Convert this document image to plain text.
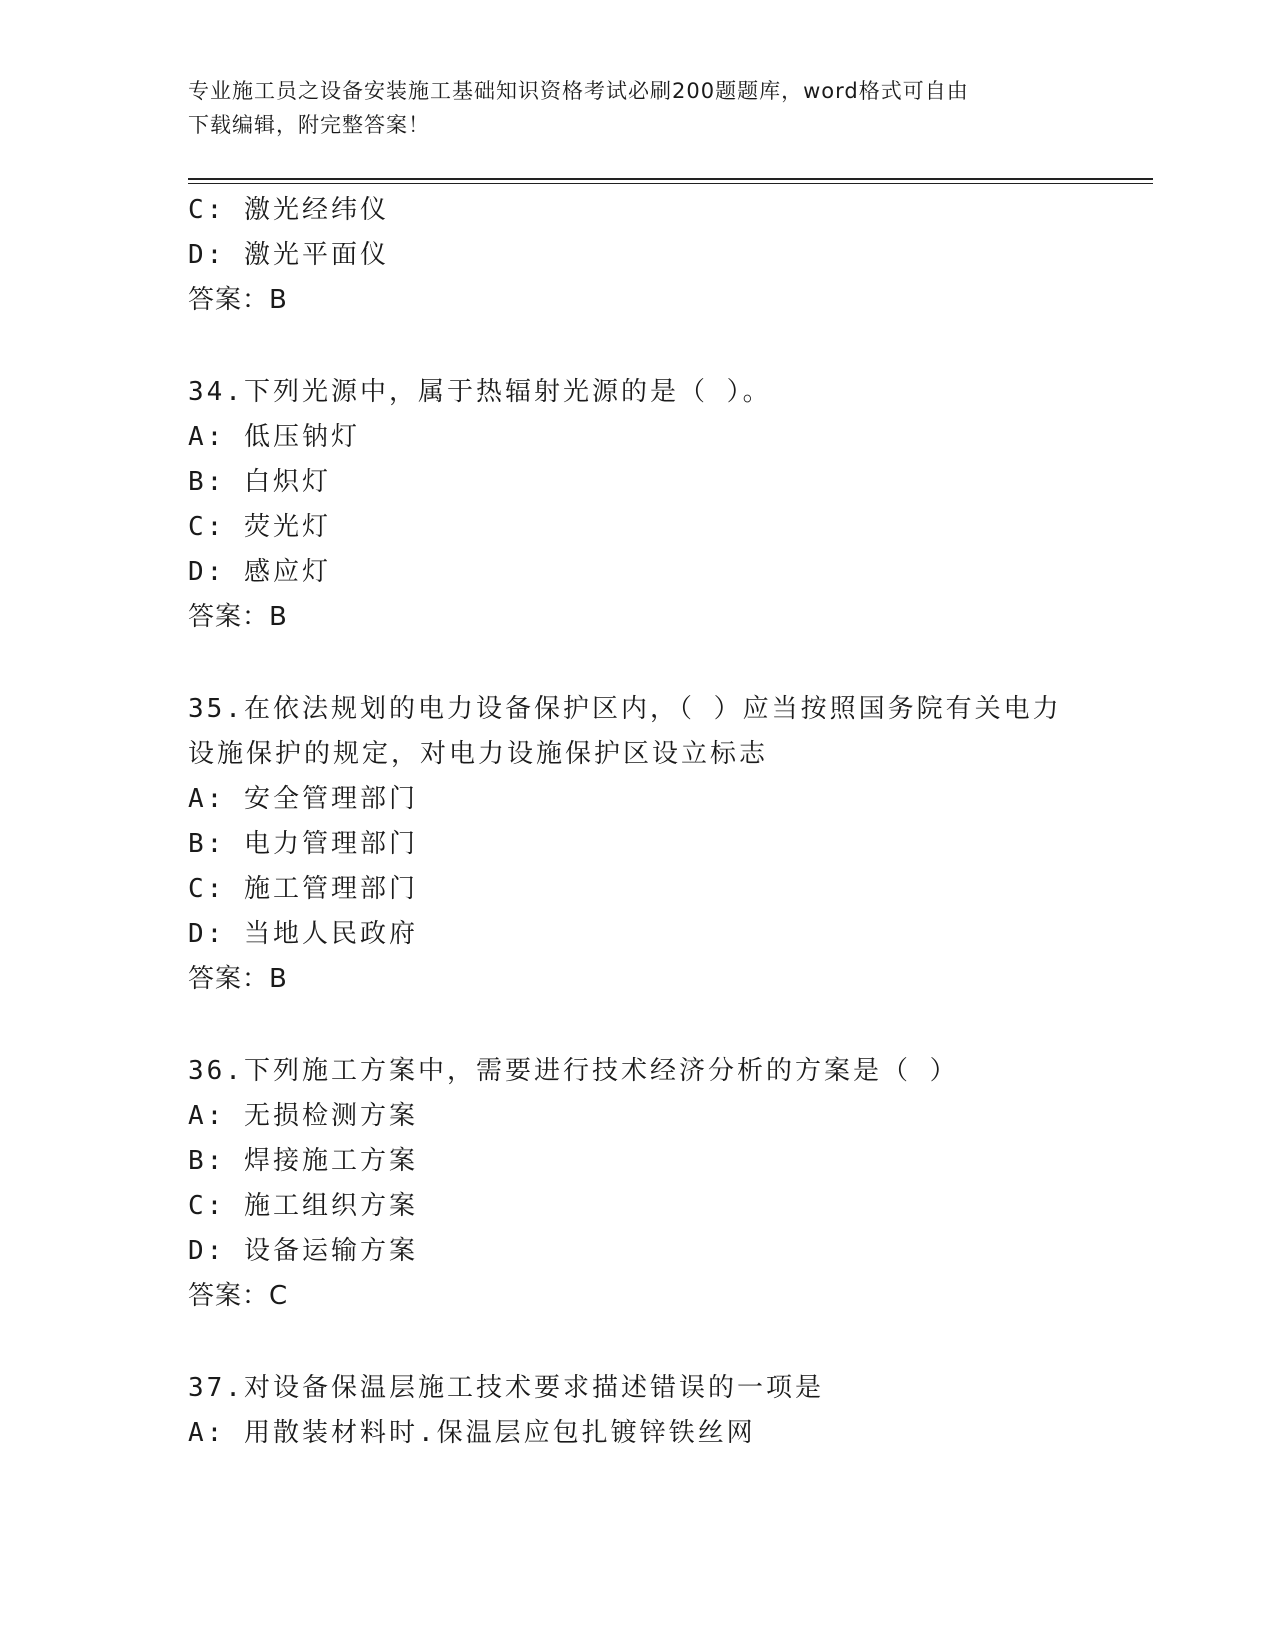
专业施工员之设备安装施工基础知识资格考试必刷200题题库，word格式可自由
下载编辑，附完整答案！
C: 激光经纬仪
D: 激光平面仪
答案：B
34.下列光源中，属于热辐射光源的是（ ）。
A: 低压钠灯
B: 白炽灯
C: 荧光灯
D: 感应灯
答案：B
35.在依法规划的电力设备保护区内，（ ）应当按照国务院有关电力
设施保护的规定，对电力设施保护区设立标志
A: 安全管理部门
B: 电力管理部门
C: 施工管理部门
D: 当地人民政府
答案：B
36.下列施工方案中，需要进行技术经济分析的方案是（ ）
A: 无损检测方案
B: 焊接施工方案
C: 施工组织方案
D: 设备运输方案
答案：C
37.对设备保温层施工技术要求描述错误的一项是
A: 用散装材料时.保温层应包扎镀锌铁丝网
